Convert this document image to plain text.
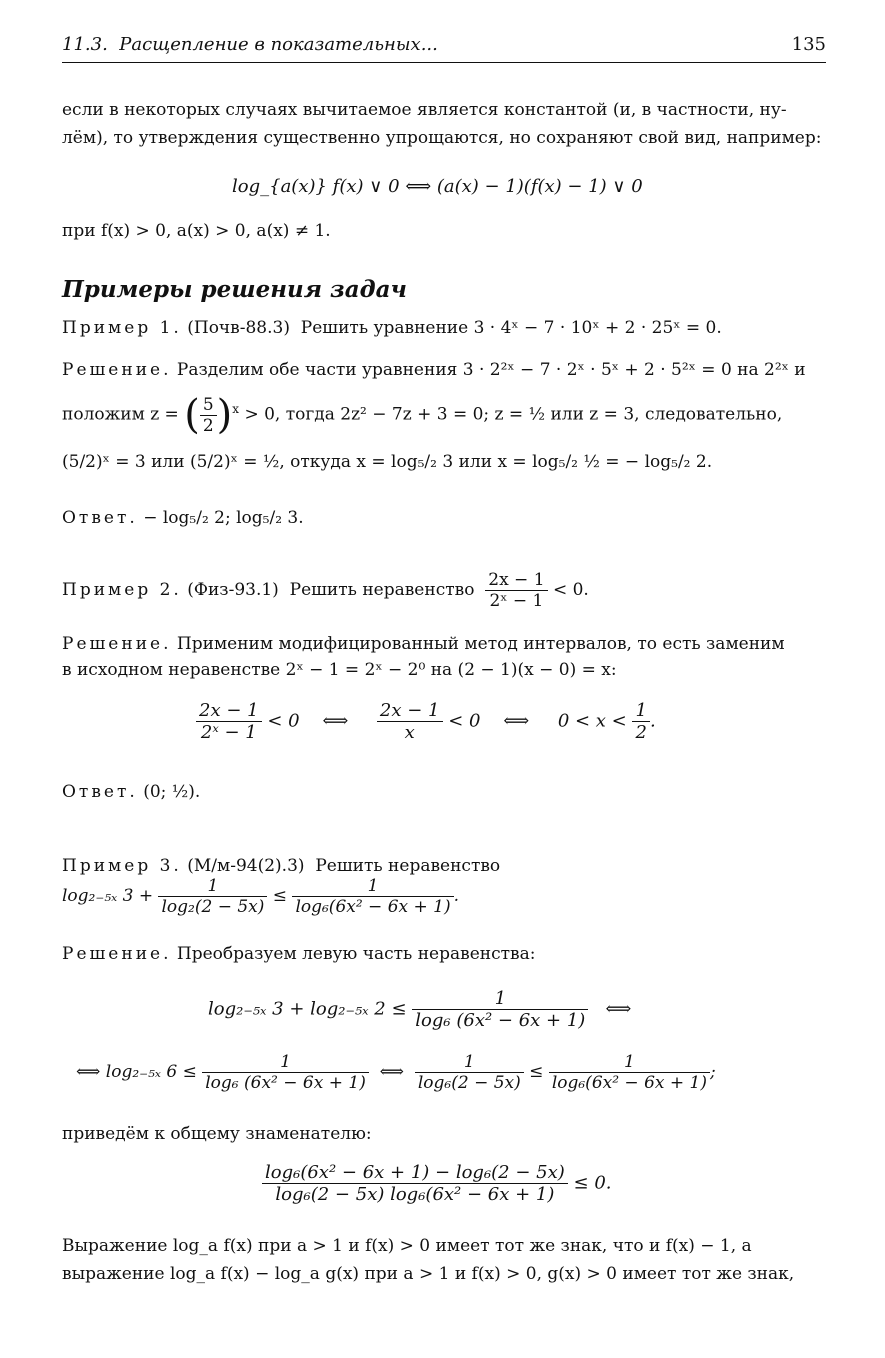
11.3. Расщепление в показательных...	135
если в некоторых случаях вычитаемое является константой (и, в частности, ну-
лём), то утверждения существенно упрощаются, но сохраняют свой вид, например:
log_{a(x)} f(x) ∨ 0 ⟺ (a(x) − 1)(f(x) − 1) ∨ 0
при f(x) > 0, a(x) > 0, a(x) ≠ 1.
Примеры решения задач
Пример 1. (Почв-88.3) Решить уравнение 3 · 4ˣ − 7 · 10ˣ + 2 · 25ˣ = 0.
Решение. Разделим обе части уравнения 3 · 2²ˣ − 7 · 2ˣ · 5ˣ + 2 · 5²ˣ = 0 на 2²ˣ и
положим z = ( $\frac{5}{2} )^x > 0$, тогда 2z² − 7z + 3 = 0; z = ½ или z = 3, следовательно,
(5/2)ˣ = 3 или (5/2)ˣ = ½, откуда x = log₅/₂ 3 или x = log₅/₂ ½ = − log₅/₂ 2.
Ответ. − log₅/₂ 2; log₅/₂ 3.
Пример 2. (Физ-93.1) Решить неравенство $\frac{2x - 1}{\text{2ˣ − 1}} < 0$.
Решение. Применим модифицированный метод интервалов, то есть заменим
в исходном неравенстве 2ˣ − 1 = 2ˣ − 2⁰ на (2 − 1)(x − 0) = x:
$\frac{2x - 1}{\text{2ˣ − 1}} < 0$ ⟺ $\frac{2x - 1}{x} < 0$ ⟺ $0 < x < \frac{1}{2}$ .
Ответ. (0; ½).
Пример 3. (М/м-94(2).3) Решить неравенство
log₂₋₅ₓ $3 + \frac{1}{\text{log₂(2 − 5x)}} \le \frac{1}{\text{log₆(6x² − 6x + 1)}}$ .
Решение. Преобразуем левую часть неравенства:
log₂₋₅ₓ 3 + log₂₋₅ₓ $2 \le \frac{1}{\text{log₆ (6x² − 6x + 1)}}$ ⟺
⟺ log₂₋₅ₓ $6 \le \frac{1}{\text{log₆ (6x² − 6x + 1)}}$ ⟺ $\frac{1}{\text{log₆(2 − 5x)}} \le \frac{1}{\text{log₆(6x² − 6x + 1)}}$ ;
приведём к общему знаменателю:
$\frac{\text{log₆(6x² − 6x + 1) − log₆(2 − 5x)}}{\text{log₆(2 − 5x) log₆(6x² − 6x + 1)}} \le 0$.
Выражение log_a f(x) при a > 1 и f(x) > 0 имеет тот же знак, что и f(x) − 1, а
выражение log_a f(x) − log_a g(x) при a > 1 и f(x) > 0, g(x) > 0 имеет тот же знак,
